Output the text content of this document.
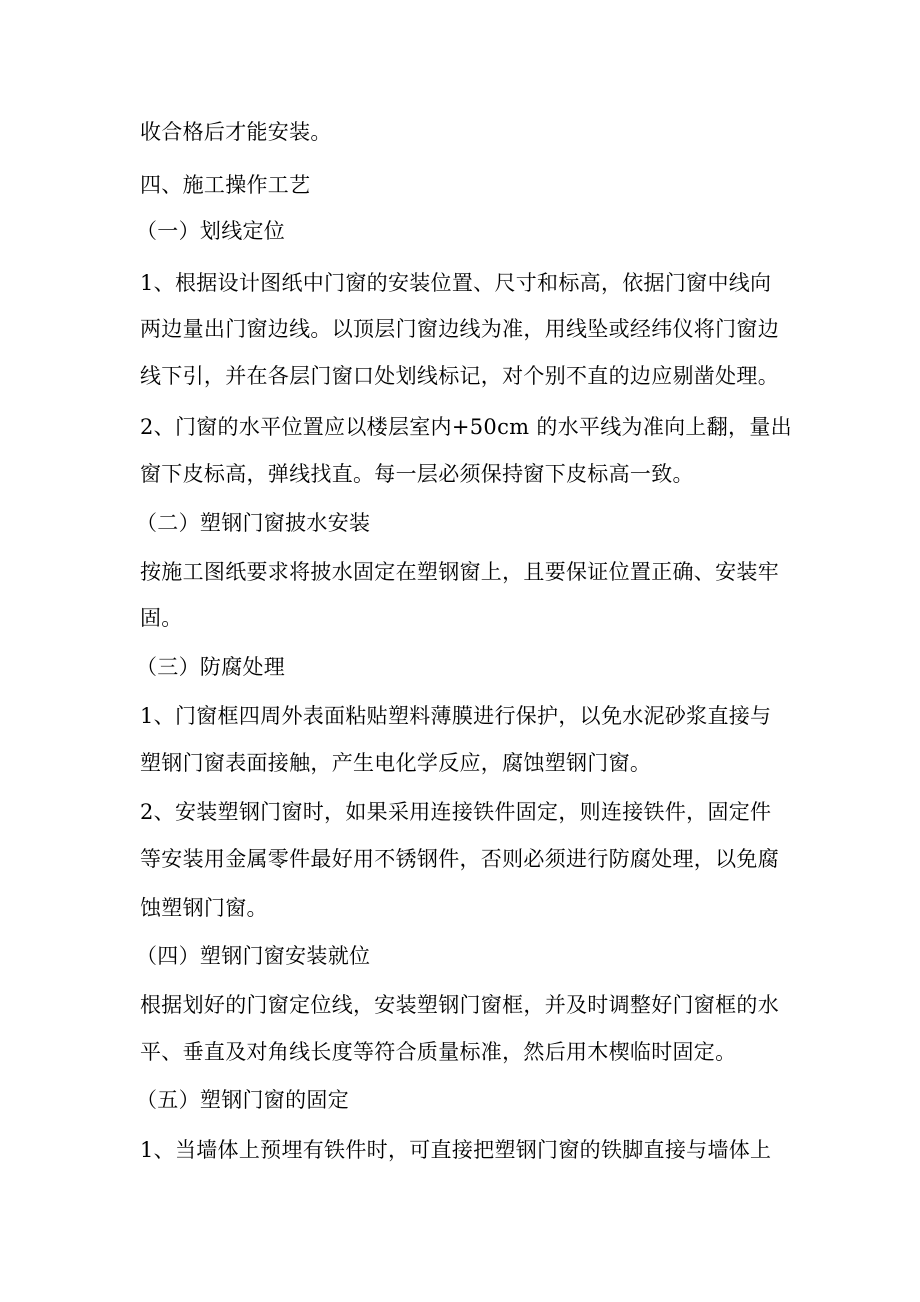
收合格后才能安装。
四、施工操作工艺
（一）划线定位
1、根据设计图纸中门窗的安装位置、尺寸和标高，依据门窗中线向
两边量出门窗边线。以顶层门窗边线为准，用线坠或经纬仪将门窗边
线下引，并在各层门窗口处划线标记，对个别不直的边应剔凿处理。
2、门窗的水平位置应以楼层室内+50cm 的水平线为准向上翻，量出
窗下皮标高，弹线找直。每一层必须保持窗下皮标高一致。
（二）塑钢门窗披水安装
按施工图纸要求将披水固定在塑钢窗上，且要保证位置正确、安装牢
固。
（三）防腐处理
1、门窗框四周外表面粘贴塑料薄膜进行保护，以免水泥砂浆直接与
塑钢门窗表面接触，产生电化学反应，腐蚀塑钢门窗。
2、安装塑钢门窗时，如果采用连接铁件固定，则连接铁件，固定件
等安装用金属零件最好用不锈钢件，否则必须进行防腐处理，以免腐
蚀塑钢门窗。
（四）塑钢门窗安装就位
根据划好的门窗定位线，安装塑钢门窗框，并及时调整好门窗框的水
平、垂直及对角线长度等符合质量标准，然后用木楔临时固定。
（五）塑钢门窗的固定
1、当墙体上预埋有铁件时，可直接把塑钢门窗的铁脚直接与墙体上
